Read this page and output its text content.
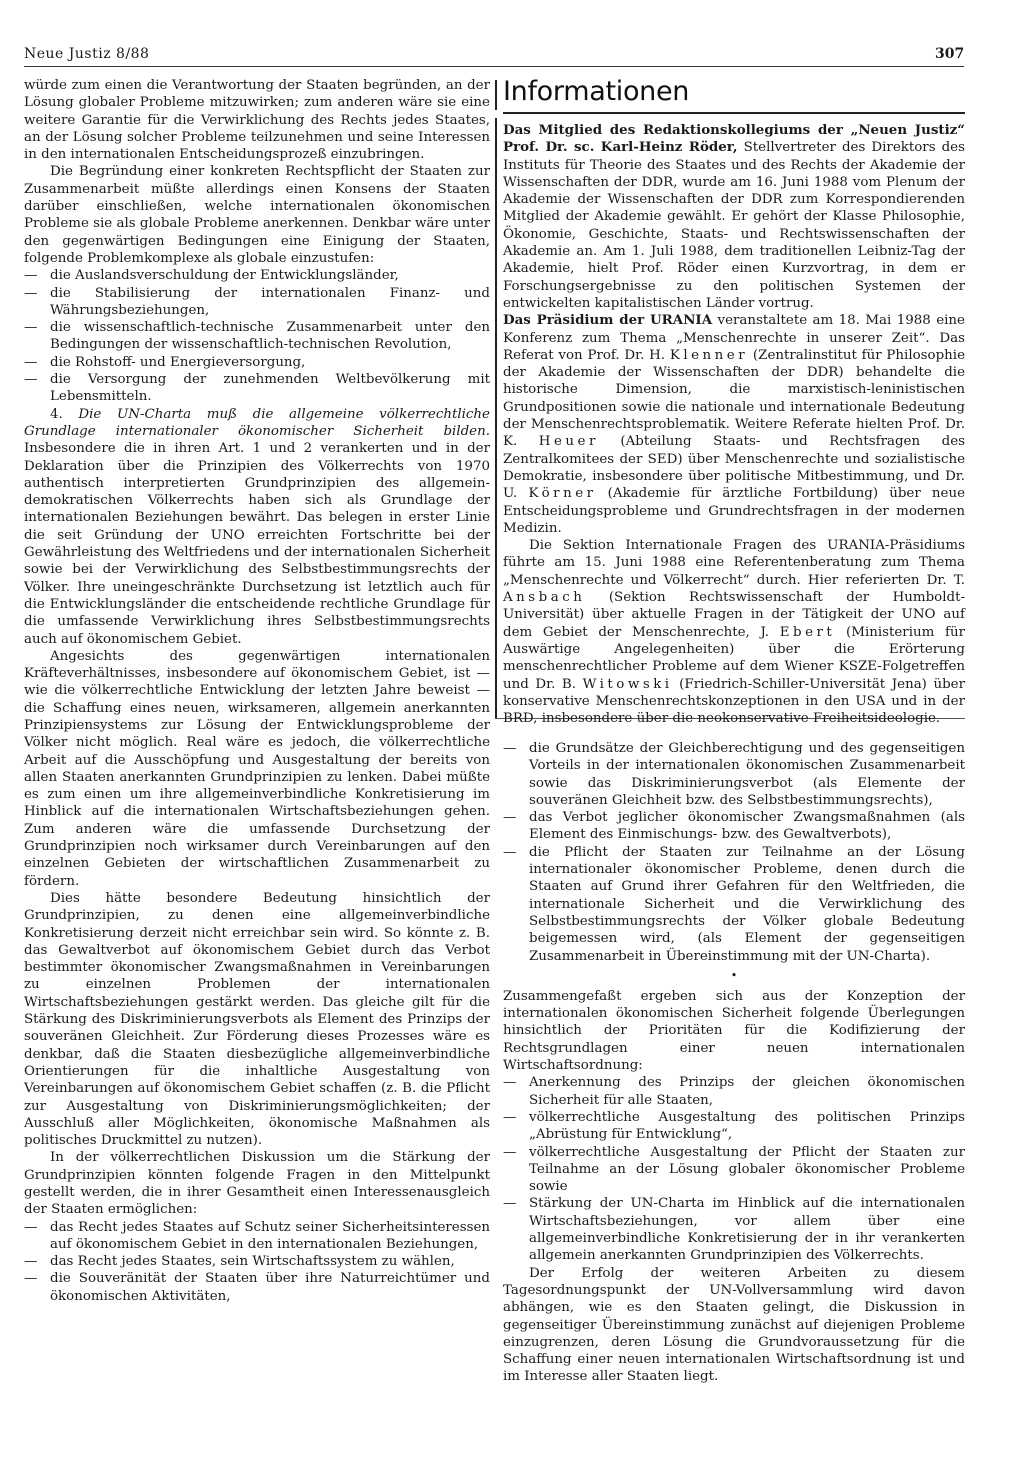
Neue Justiz 8/88	307

würde zum einen die Verantwortung der Staaten begründen, an der Lösung globaler Probleme mitzuwirken; zum anderen wäre sie eine weitere Garantie für die Verwirklichung des Rechts jedes Staates, an der Lösung solcher Probleme teilzunehmen und seine Interessen in den internationalen Entscheidungsprozeß einzubringen.

Die Begründung einer konkreten Rechtspflicht der Staaten zur Zusammenarbeit müßte allerdings einen Konsens der Staaten darüber einschließen, welche internationalen ökonomischen Probleme sie als globale Probleme anerkennen. Denkbar wäre unter den gegenwärtigen Bedingungen eine Einigung der Staaten, folgende Problemkomplexe als globale einzustufen:

— die Auslandsverschuldung der Entwicklungsländer,
— die Stabilisierung der internationalen Finanz- und Währungsbeziehungen,
— die wissenschaftlich-technische Zusammenarbeit unter den Bedingungen der wissenschaftlich-technischen Revolution,
— die Rohstoff- und Energieversorgung,
— die Versorgung der zunehmenden Weltbevölkerung mit Lebensmitteln.

4. Die UN-Charta muß die allgemeine völkerrechtliche Grundlage internationaler ökonomischer Sicherheit bilden. Insbesondere die in ihren Art. 1 und 2 verankerten und in der Deklaration über die Prinzipien des Völkerrechts von 1970 authentisch interpretierten Grundprinzipien des allgemein-demokratischen Völkerrechts haben sich als Grundlage der internationalen Beziehungen bewährt. Das belegen in erster Linie die seit Gründung der UNO erreichten Fortschritte bei der Gewährleistung des Weltfriedens und der internationalen Sicherheit sowie bei der Verwirklichung des Selbstbestimmungsrechts der Völker. Ihre uneingeschränkte Durchsetzung ist letztlich auch für die Entwicklungsländer die entscheidende rechtliche Grundlage für die umfassende Verwirklichung ihres Selbstbestimmungsrechts auch auf ökonomischem Gebiet.

Angesichts des gegenwärtigen internationalen Kräfteverhältnisses, insbesondere auf ökonomischem Gebiet, ist — wie die völkerrechtliche Entwicklung der letzten Jahre beweist — die Schaffung eines neuen, wirksameren, allgemein anerkannten Prinzipiensystems zur Lösung der Entwicklungsprobleme der Völker nicht möglich. Real wäre es jedoch, die völkerrechtliche Arbeit auf die Ausschöpfung und Ausgestaltung der bereits von allen Staaten anerkannten Grundprinzipien zu lenken. Dabei müßte es zum einen um ihre allgemeinverbindliche Konkretisierung im Hinblick auf die internationalen Wirtschaftsbeziehungen gehen. Zum anderen wäre die umfassende Durchsetzung der Grundprinzipien noch wirksamer durch Vereinbarungen auf den einzelnen Gebieten der wirtschaftlichen Zusammenarbeit zu fördern.

Dies hätte besondere Bedeutung hinsichtlich der Grundprinzipien, zu denen eine allgemeinverbindliche Konkretisierung derzeit nicht erreichbar sein wird. So könnte z. B. das Gewaltverbot auf ökonomischem Gebiet durch das Verbot bestimmter ökonomischer Zwangsmaßnahmen in Vereinbarungen zu einzelnen Problemen der internationalen Wirtschaftsbeziehungen gestärkt werden. Das gleiche gilt für die Stärkung des Diskriminierungsverbots als Element des Prinzips der souveränen Gleichheit. Zur Förderung dieses Prozesses wäre es denkbar, daß die Staaten diesbezügliche allgemeinverbindliche Orientierungen für die inhaltliche Ausgestaltung von Vereinbarungen auf ökonomischem Gebiet schaffen (z. B. die Pflicht zur Ausgestaltung von Diskriminierungsmöglichkeiten; der Ausschluß aller Möglichkeiten, ökonomische Maßnahmen als politisches Druckmittel zu nutzen).

In der völkerrechtlichen Diskussion um die Stärkung der Grundprinzipien könnten folgende Fragen in den Mittelpunkt gestellt werden, die in ihrer Gesamtheit einen Interessenausgleich der Staaten ermöglichen:

— das Recht jedes Staates auf Schutz seiner Sicherheitsinteressen auf ökonomischem Gebiet in den internationalen Beziehungen,
— das Recht jedes Staates, sein Wirtschaftssystem zu wählen,
— die Souveränität der Staaten über ihre Naturreichtümer und ökonomischen Aktivitäten,
Informationen

Das Mitglied des Redaktionskollegiums der „Neuen Justiz“ Prof. Dr. sc. Karl-Heinz Röder, Stellvertreter des Direktors des Instituts für Theorie des Staates und des Rechts der Akademie der Wissenschaften der DDR, wurde am 16. Juni 1988 vom Plenum der Akademie der Wissenschaften der DDR zum Korrespondierenden Mitglied der Akademie gewählt. Er gehört der Klasse Philosophie, Ökonomie, Geschichte, Staats- und Rechtswissenschaften der Akademie an. Am 1. Juli 1988, dem traditionellen Leibniz-Tag der Akademie, hielt Prof. Röder einen Kurzvortrag, in dem er Forschungsergebnisse zu den politischen Systemen der entwickelten kapitalistischen Länder vortrug.

Das Präsidium der URANIA veranstaltete am 18. Mai 1988 eine Konferenz zum Thema „Menschenrechte in unserer Zeit“. Das Referat von Prof. Dr. H. Klenner (Zentralinstitut für Philosophie der Akademie der Wissenschaften der DDR) behandelte die historische Dimension, die marxistisch-leninistischen Grundpositionen sowie die nationale und internationale Bedeutung der Menschenrechtsproblematik. Weitere Referate hielten Prof. Dr. K. Heuer (Abteilung Staats- und Rechtsfragen des Zentralkomitees der SED) über Menschenrechte und sozialistische Demokratie, insbesondere über politische Mitbestimmung, und Dr. U. Körner (Akademie für ärztliche Fortbildung) über neue Entscheidungsprobleme und Grundrechtsfragen in der modernen Medizin.

Die Sektion Internationale Fragen des URANIA-Präsidiums führte am 15. Juni 1988 eine Referentenberatung zum Thema „Menschenrechte und Völkerrecht“ durch. Hier referierten Dr. T. Ansbach (Sektion Rechtswissenschaft der Humboldt-Universität) über aktuelle Fragen in der Tätigkeit der UNO auf dem Gebiet der Menschenrechte, J. Ebert (Ministerium für Auswärtige Angelegenheiten) über die Erörterung menschenrechtlicher Probleme auf dem Wiener KSZE-Folgetreffen und Dr. B. Witowski (Friedrich-Schiller-Universität Jena) über konservative Menschenrechtskonzeptionen in den USA und in der BRD, insbesondere über die neokonservative Freiheitsideologie.

— die Grundsätze der Gleichberechtigung und des gegenseitigen Vorteils in der internationalen ökonomischen Zusammenarbeit sowie das Diskriminierungsverbot (als Elemente der souveränen Gleichheit bzw. des Selbstbestimmungsrechts),
— das Verbot jeglicher ökonomischer Zwangsmaßnahmen (als Element des Einmischungs- bzw. des Gewaltverbots),
— die Pflicht der Staaten zur Teilnahme an der Lösung internationaler ökonomischer Probleme, denen durch die Staaten auf Grund ihrer Gefahren für den Weltfrieden, die internationale Sicherheit und die Verwirklichung des Selbstbestimmungsrechts der Völker globale Bedeutung beigemessen wird, (als Element der gegenseitigen Zusammenarbeit in Übereinstimmung mit der UN-Charta).
•

Zusammengefaßt ergeben sich aus der Konzeption der internationalen ökonomischen Sicherheit folgende Überlegungen hinsichtlich der Prioritäten für die Kodifizierung der Rechtsgrundlagen einer neuen internationalen Wirtschaftsordnung:

— Anerkennung des Prinzips der gleichen ökonomischen Sicherheit für alle Staaten,
— völkerrechtliche Ausgestaltung des politischen Prinzips „Abrüstung für Entwicklung“,
— völkerrechtliche Ausgestaltung der Pflicht der Staaten zur Teilnahme an der Lösung globaler ökonomischer Probleme sowie
— Stärkung der UN-Charta im Hinblick auf die internationalen Wirtschaftsbeziehungen, vor allem über eine allgemeinverbindliche Konkretisierung der in ihr verankerten allgemein anerkannten Grundprinzipien des Völkerrechts.

Der Erfolg der weiteren Arbeiten zu diesem Tagesordnungspunkt der UN-Vollversammlung wird davon abhängen, wie es den Staaten gelingt, die Diskussion in gegenseitiger Übereinstimmung zunächst auf diejenigen Probleme einzugrenzen, deren Lösung die Grundvoraussetzung für die Schaffung einer neuen internationalen Wirtschaftsordnung ist und im Interesse aller Staaten liegt.
